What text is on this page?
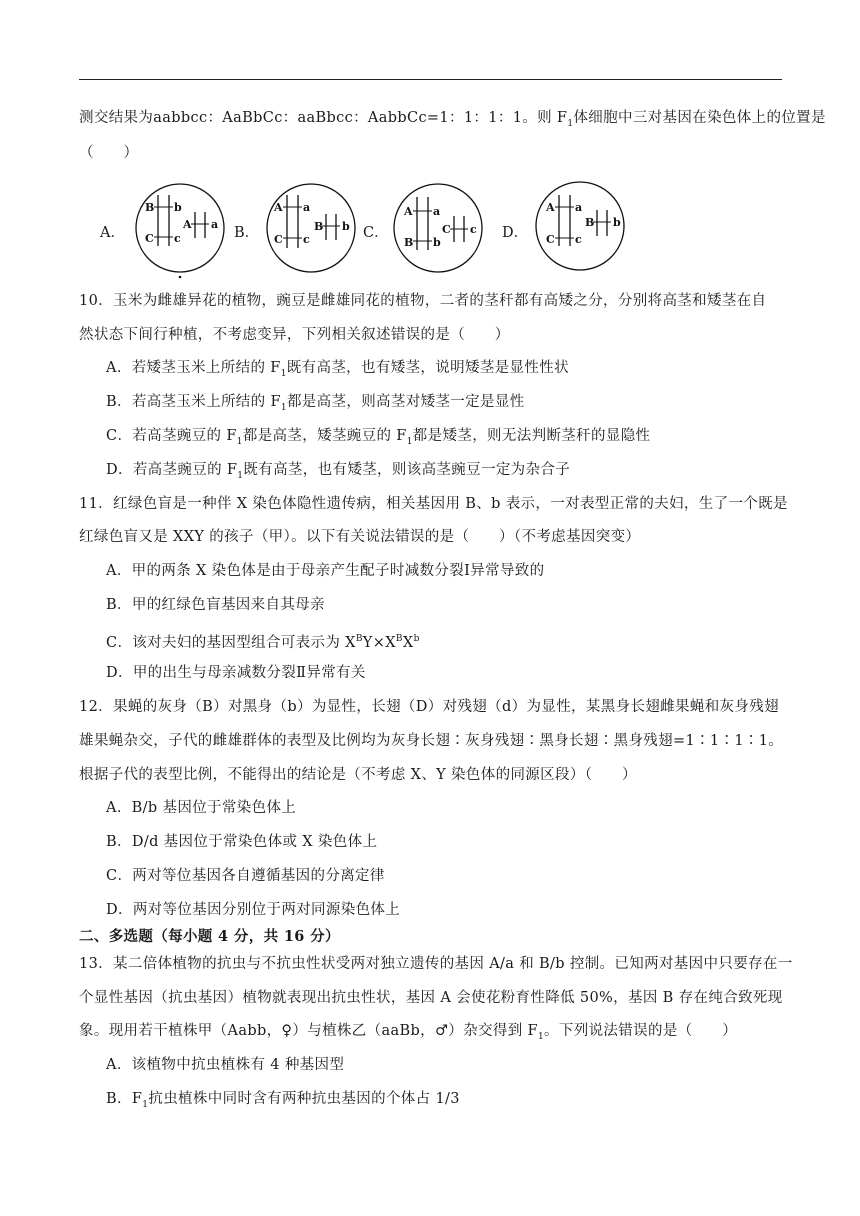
测交结果为aabbcc：AaBbCc：aaBbcc：AabbCc=1：1：1：1。则 $F_1$体细胞中三对基因在染色体上的位置是
（　　）
A．
B b
C c
A a
B．
A a
C c
B b C．
A a
B b
C c D．
A a
C c
B b
10．玉米为雌雄异花的植物，豌豆是雌雄同花的植物，二者的茎秆都有高矮之分，分别将高茎和矮茎在自
然状态下间行种植，不考虑变异，下列相关叙述错误的是（　　）
A．若矮茎玉米上所结的 $F_1$既有高茎，也有矮茎，说明矮茎是显性性状
B．若高茎玉米上所结的 $F_1$都是高茎，则高茎对矮茎一定是显性
C．若高茎豌豆的 $F_1$都是高茎，矮茎豌豆的 $F_1$都是矮茎，则无法判断茎秆的显隐性
D．若高茎豌豆的 $F_1$既有高茎，也有矮茎，则该高茎豌豆一定为杂合子
11．红绿色盲是一种伴 X 染色体隐性遗传病，相关基因用 B、b 表示，一对表型正常的夫妇，生了一个既是
红绿色盲又是 XXY 的孩子（甲）。以下有关说法错误的是（　　）（不考虑基因突变）
A．甲的两条 X 染色体是由于母亲产生配子时减数分裂Ⅰ异常导致的
B．甲的红绿色盲基因来自其母亲
C．该对夫妇的基因型组合可表示为 $X^BY\times X^BX^b$
D．甲的出生与母亲减数分裂Ⅱ异常有关
12．果蝇的灰身（B）对黑身（b）为显性，长翅（D）对残翅（d）为显性，某黑身长翅雌果蝇和灰身残翅
雄果蝇杂交，子代的雌雄群体的表型及比例均为灰身长翅∶灰身残翅∶黑身长翅∶黑身残翅=1∶1∶1∶1。
根据子代的表型比例，不能得出的结论是（不考虑 X、Y 染色体的同源区段）（　　）
A．B/b 基因位于常染色体上
B．D/d 基因位于常染色体或 X 染色体上
C．两对等位基因各自遵循基因的分离定律
D．两对等位基因分别位于两对同源染色体上
二、多选题（每小题 4 分，共 16 分）
13．某二倍体植物的抗虫与不抗虫性状受两对独立遗传的基因 A/a 和 B/b 控制。已知两对基因中只要存在一
个显性基因（抗虫基因）植物就表现出抗虫性状，基因 A 会使花粉育性降低 50%，基因 B 存在纯合致死现
象。现用若干植株甲（Aabb，♀）与植株乙（aaBb，♂）杂交得到 $F_1$。下列说法错误的是（　　）
A．该植物中抗虫植株有 4 种基因型
B．$F_1$抗虫植株中同时含有两种抗虫基因的个体占 1/3
